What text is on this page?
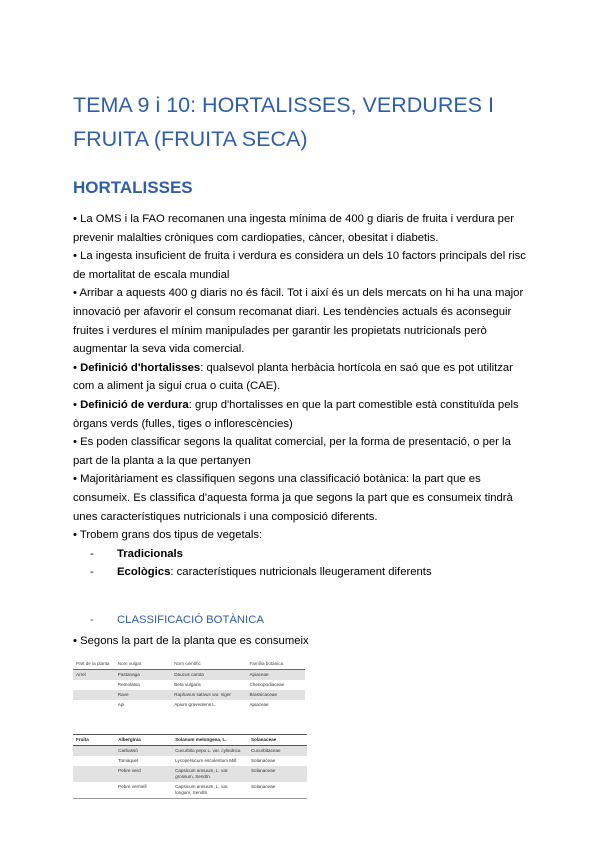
TEMA 9 i 10: HORTALISSES, VERDURES I FRUITA (FRUITA SECA)
HORTALISSES

• La OMS i la FAO recomanen una ingesta mínima de 400 g diaris de fruita i verdura per prevenir malalties cròniques com cardiopaties, càncer, obesitat i diabetis.

• La ingesta insuficient de fruita i verdura es considera un dels 10 factors principals del risc de mortalitat de escala mundial

• Arribar a aquests 400 g diaris no és fàcil. Tot i així és un dels mercats on hi ha una major innovació per afavorir el consum recomanat diari. Les tendències actuals és aconseguir fruites i verdures el mínim manipulades per garantir les propietats nutricionals però augmentar la seva vida comercial.

• Definició d'hortalisses: qualsevol planta herbàcia hortícola en saó que es pot utilitzar com a aliment ja sigui crua o cuita (CAE).

• Definició de verdura: grup d'hortalisses en que la part comestible està constituïda pels òrgans verds (fulles, tiges o inflorescències)

• Es poden classificar segons la qualitat comercial, per la forma de presentació, o per la part de la planta a la que pertanyen

• Majoritàriament es classifiquen segons una classificació botànica: la part que es consumeix. Es classifica d'aquesta forma ja que segons la part que es consumeix tindrà unes característiques nutricionals i una composició diferents.

• Trobem grans dos tipus de vegetals:

- Tradicionals
- Ecològics: característiques nutricionals lleugerament diferents

- CLASSIFICACIÓ BOTÀNICA

• Segons la part de la planta que es consumeix

Part de la planta	Nom vulgar	Nom científic	Família botànica
Arrel	Pastanaga	Daucus carota	Apiaceae
	Remolatxa	Beta vulgaris	Chenopodiaceae
	Rave	Raphanus sativus var. niger	Brassicaceae
	Api	Apium graveolens L.	Apiaceae
Fruita	Albergínia	Solanum melongena, L.	Solanaceae
	Carbassó	Cucurbita pepo L. var. cylindrica	Cucurbitaceae
	Tomàquet	Lycopersicum esculentum Mill.	Solanaceae
	Pebre verd	Capsicum annuum, L. var. grossum, Sendtn.	Solanaceae
	Pebre vermell	Capsicum annuum, L. var. longum, Sendtn.	Solanaceae
